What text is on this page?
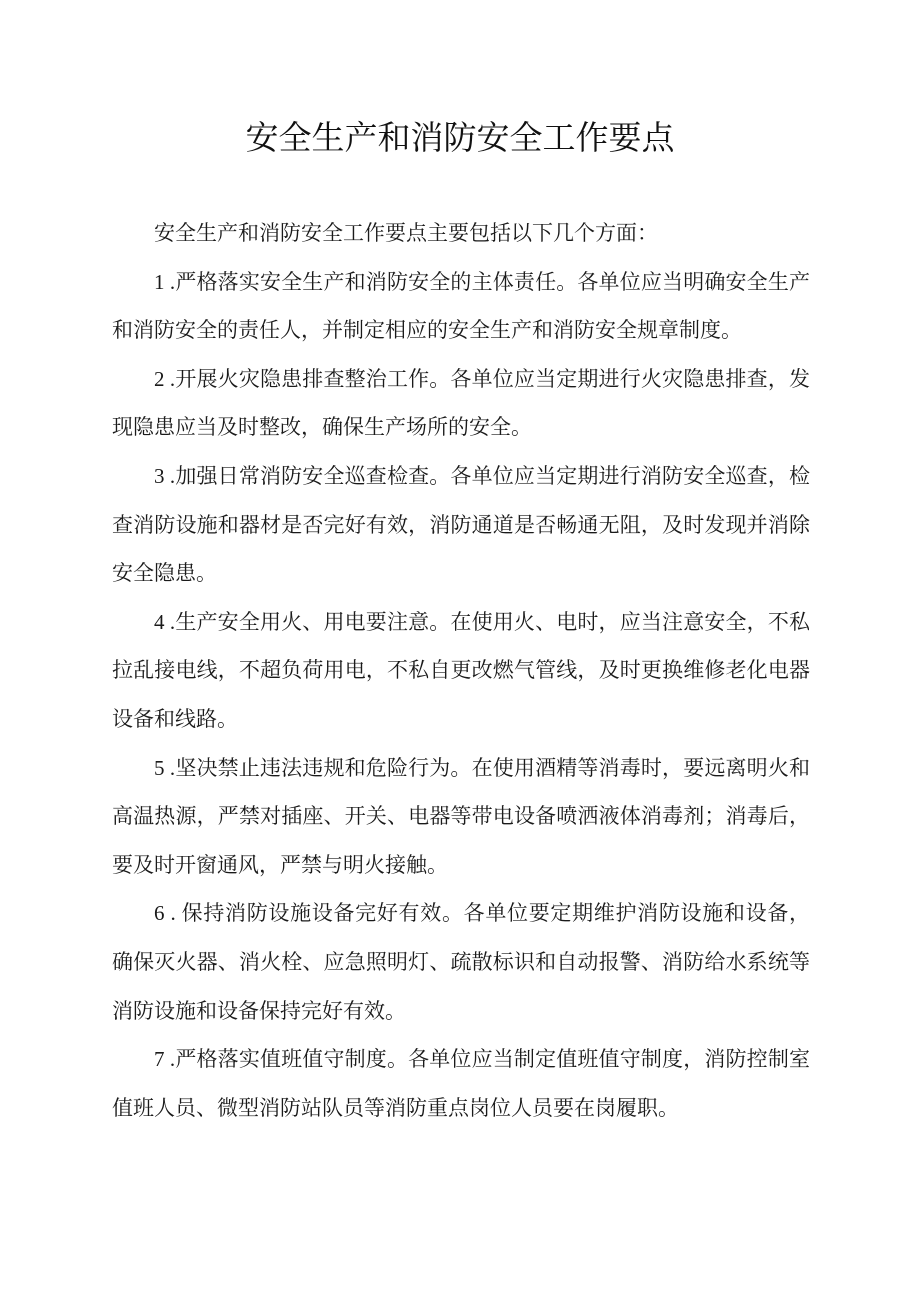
安全生产和消防安全工作要点

安全生产和消防安全工作要点主要包括以下几个方面：

1 .严格落实安全生产和消防安全的主体责任。各单位应当明确安全生产和消防安全的责任人，并制定相应的安全生产和消防安全规章制度。

2 .开展火灾隐患排查整治工作。各单位应当定期进行火灾隐患排查，发现隐患应当及时整改，确保生产场所的安全。

3 .加强日常消防安全巡查检查。各单位应当定期进行消防安全巡查，检查消防设施和器材是否完好有效，消防通道是否畅通无阻，及时发现并消除安全隐患。

4 .生产安全用火、用电要注意。在使用火、电时，应当注意安全，不私拉乱接电线，不超负荷用电，不私自更改燃气管线，及时更换维修老化电器设备和线路。

5 .坚决禁止违法违规和危险行为。在使用酒精等消毒时，要远离明火和高温热源，严禁对插座、开关、电器等带电设备喷洒液体消毒剂；消毒后，要及时开窗通风，严禁与明火接触。

6 . 保持消防设施设备完好有效。各单位要定期维护消防设施和设备，确保灭火器、消火栓、应急照明灯、疏散标识和自动报警、消防给水系统等消防设施和设备保持完好有效。

7 .严格落实值班值守制度。各单位应当制定值班值守制度，消防控制室值班人员、微型消防站队员等消防重点岗位人员要在岗履职。
